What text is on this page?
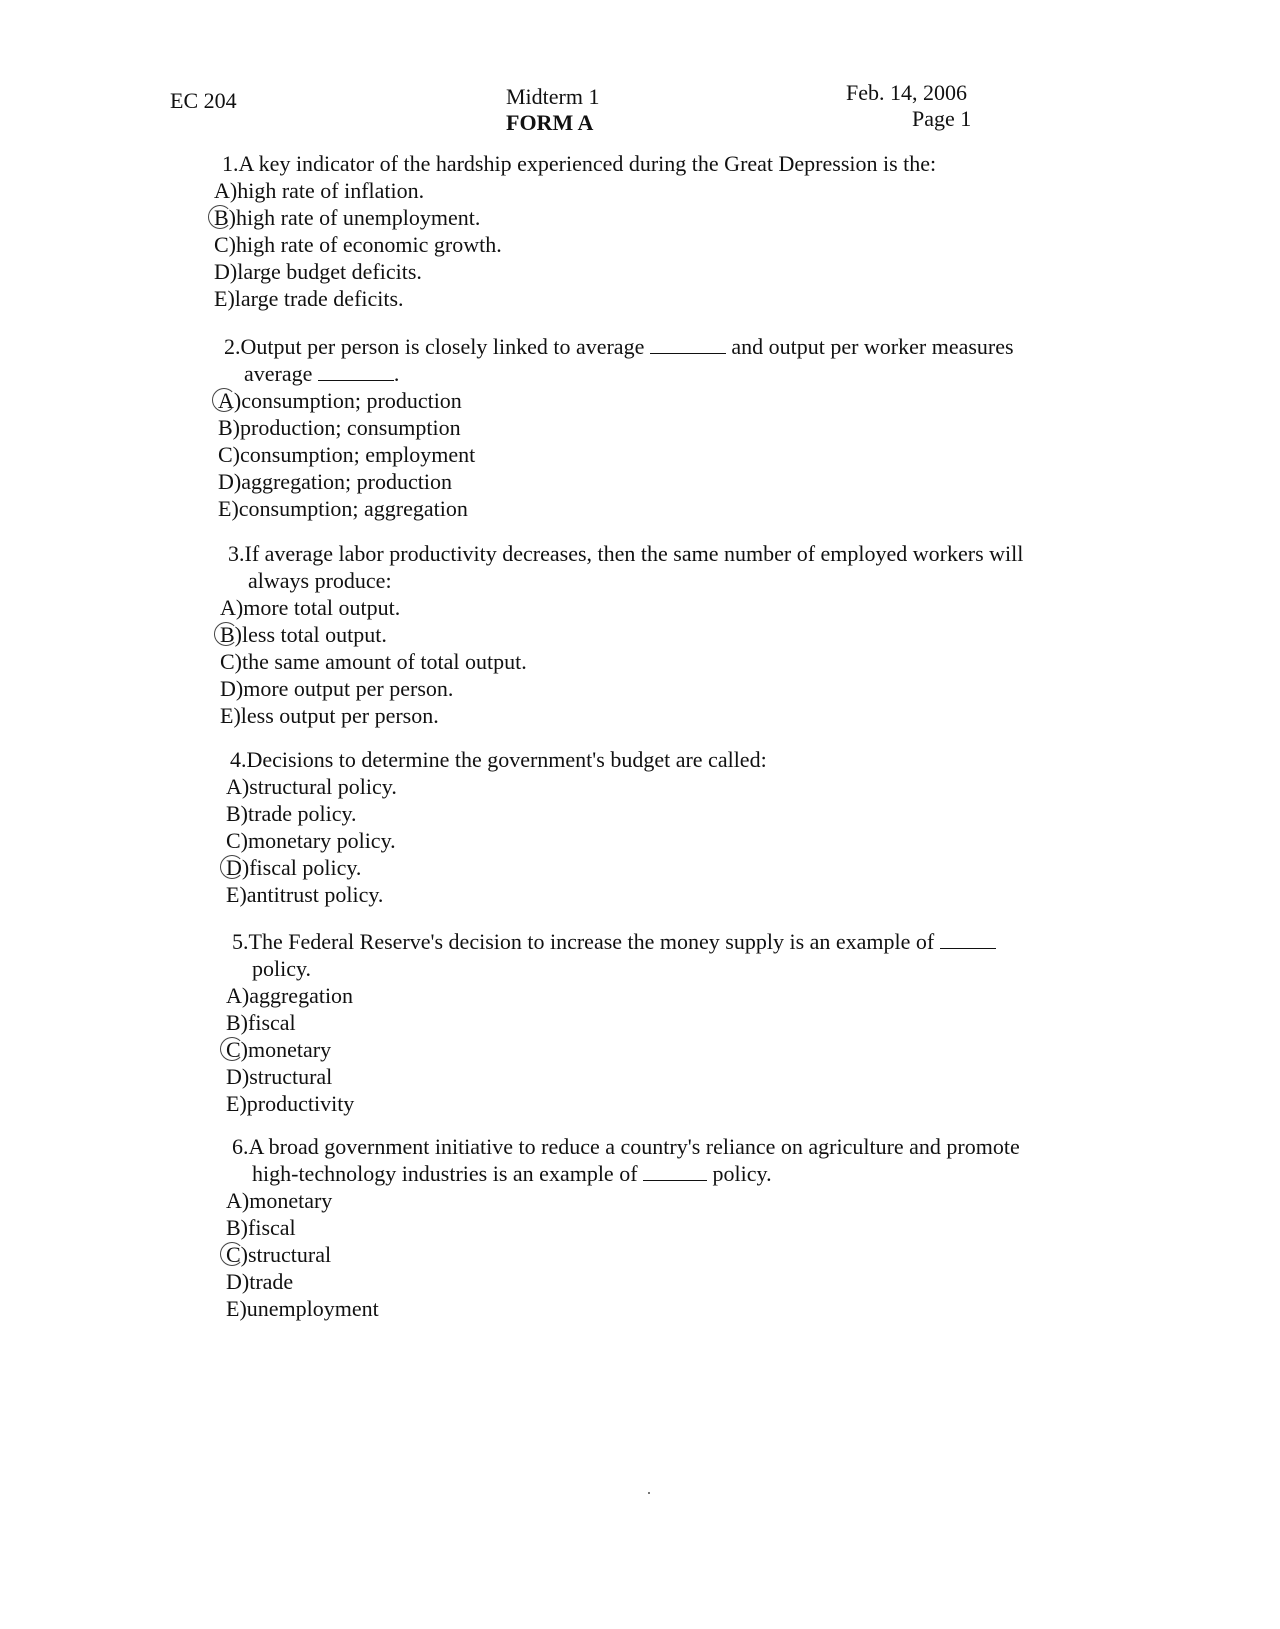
EC 204	Midterm 1
FORM A
Feb. 14, 2006
Page 1
1.A key indicator of the hardship experienced during the Great Depression is the:
A)high rate of inflation.
B)high rate of unemployment.
C)high rate of economic growth.
D)large budget deficits.
E)large trade deficits.
2.Output per person is closely linked to average	and output per worker measures
average	.
A)consumption; production
B)production; consumption
C)consumption; employment
D)aggregation; production
E)consumption; aggregation
3.If average labor productivity decreases, then the same number of employed workers will
always produce:
A)more total output.
B)less total output.
C)the same amount of total output.
D)more output per person.
E)less output per person.
4.Decisions to determine the government's budget are called:
A)structural policy.
B)trade policy.
C)monetary policy.
D)fiscal policy.
E)antitrust policy.
5.The Federal Reserve's decision to increase the money supply is an example of
policy.
A)aggregation
B)fiscal
C)monetary
D)structural
E)productivity
6.A broad government initiative to reduce a country's reliance on agriculture and promote
high-technology industries is an example of	policy.
A)monetary
B)fiscal
C)structural
D)trade
E)unemployment
